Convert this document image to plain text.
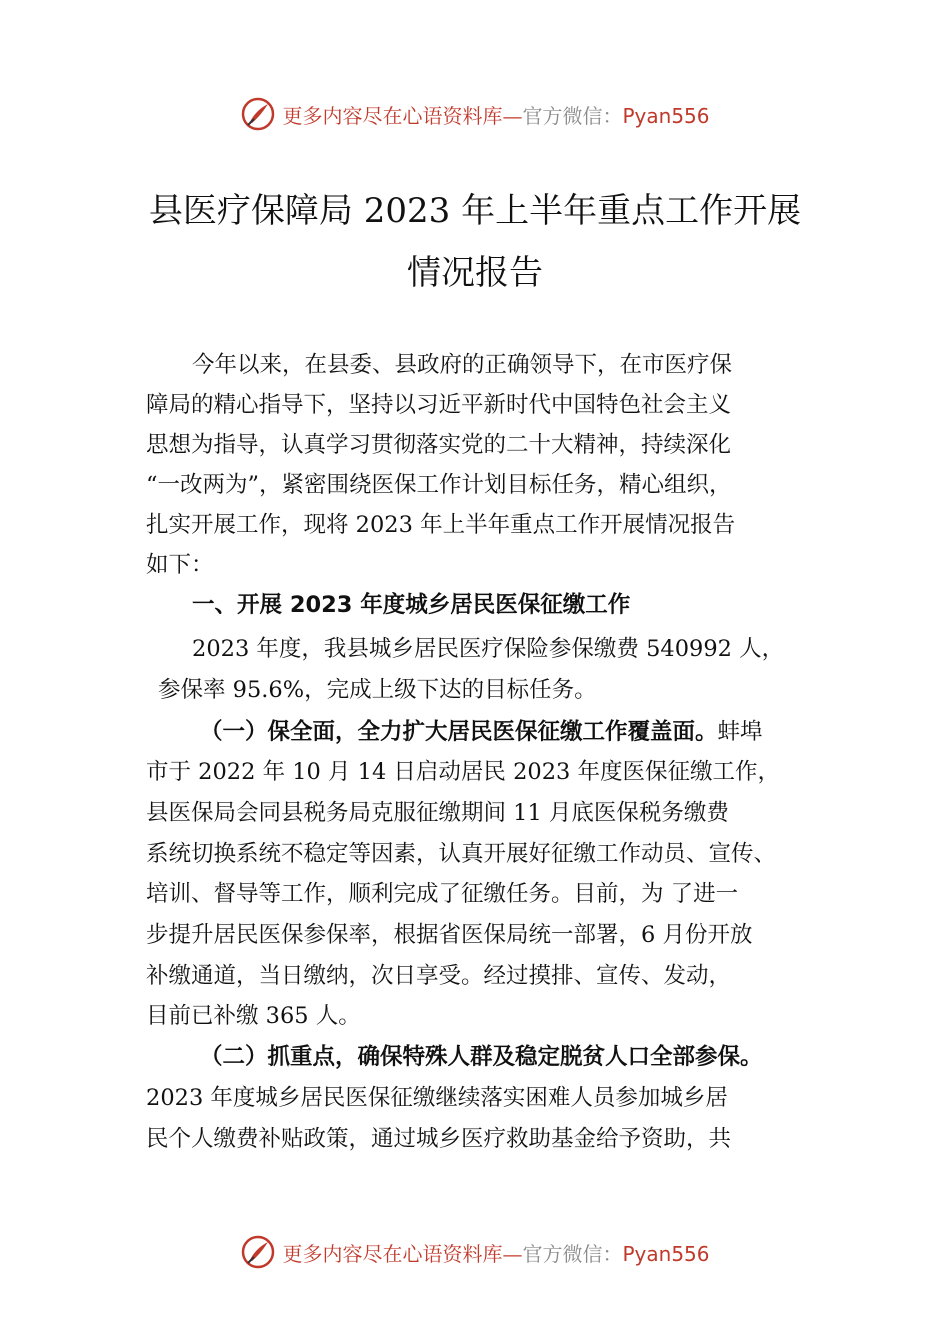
更多内容尽在心语资料库—官方微信：Pyan556
县医疗保障局 2023 年上半年重点工作开展
情况报告
今年以来，在县委、县政府的正确领导下，在市医疗保
障局的精心指导下，坚持以习近平新时代中国特色社会主义
思想为指导，认真学习贯彻落实党的二十大精神，持续深化
“一改两为”，紧密围绕医保工作计划目标任务，精心组织，
扎实开展工作，现将 2023 年上半年重点工作开展情况报告
如下：
一、开展 2023 年度城乡居民医保征缴工作
2023 年度，我县城乡居民医疗保险参保缴费 540992 人，
参保率 95.6%，完成上级下达的目标任务。
（一）保全面，全力扩大居民医保征缴工作覆盖面。蚌埠
市于 2022 年 10 月 14 日启动居民 2023 年度医保征缴工作，
县医保局会同县税务局克服征缴期间 11 月底医保税务缴费
系统切换系统不稳定等因素，认真开展好征缴工作动员、宣传、
培训、督导等工作，顺利完成了征缴任务。目前，为 了进一
步提升居民医保参保率，根据省医保局统一部署，6 月份开放
补缴通道，当日缴纳，次日享受。经过摸排、宣传、发动，
目前已补缴 365 人。
（二）抓重点，确保特殊人群及稳定脱贫人口全部参保。
2023 年度城乡居民医保征缴继续落实困难人员参加城乡居
民个人缴费补贴政策，通过城乡医疗救助基金给予资助，共
更多内容尽在心语资料库—官方微信：Pyan556
